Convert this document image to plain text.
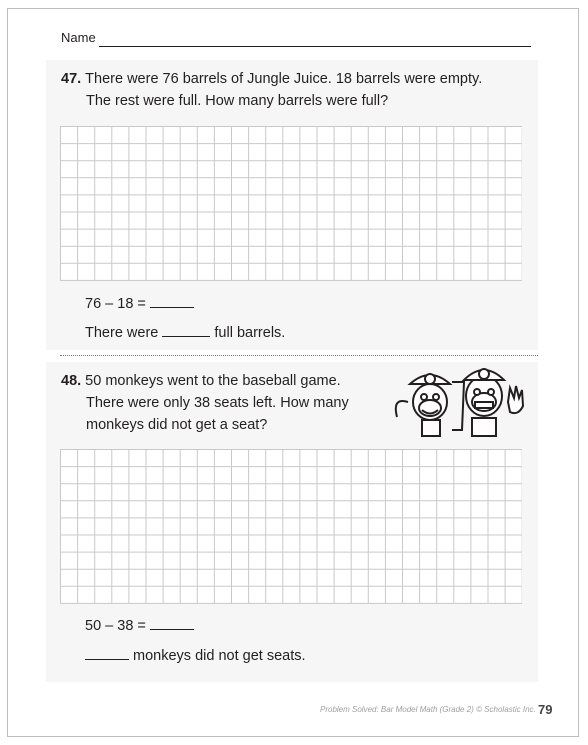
Name
47. There were 76 barrels of Jungle Juice. 18 barrels were empty.
The rest were full. How many barrels were full?
76 – 18 =
There were	full barrels.
48. 50 monkeys went to the baseball game.
There were only 38 seats left. How many
monkeys did not get a seat?
50 – 38 =
monkeys did not get seats.
Problem Solved: Bar Model Math (Grade 2) © Scholastic Inc. 79
